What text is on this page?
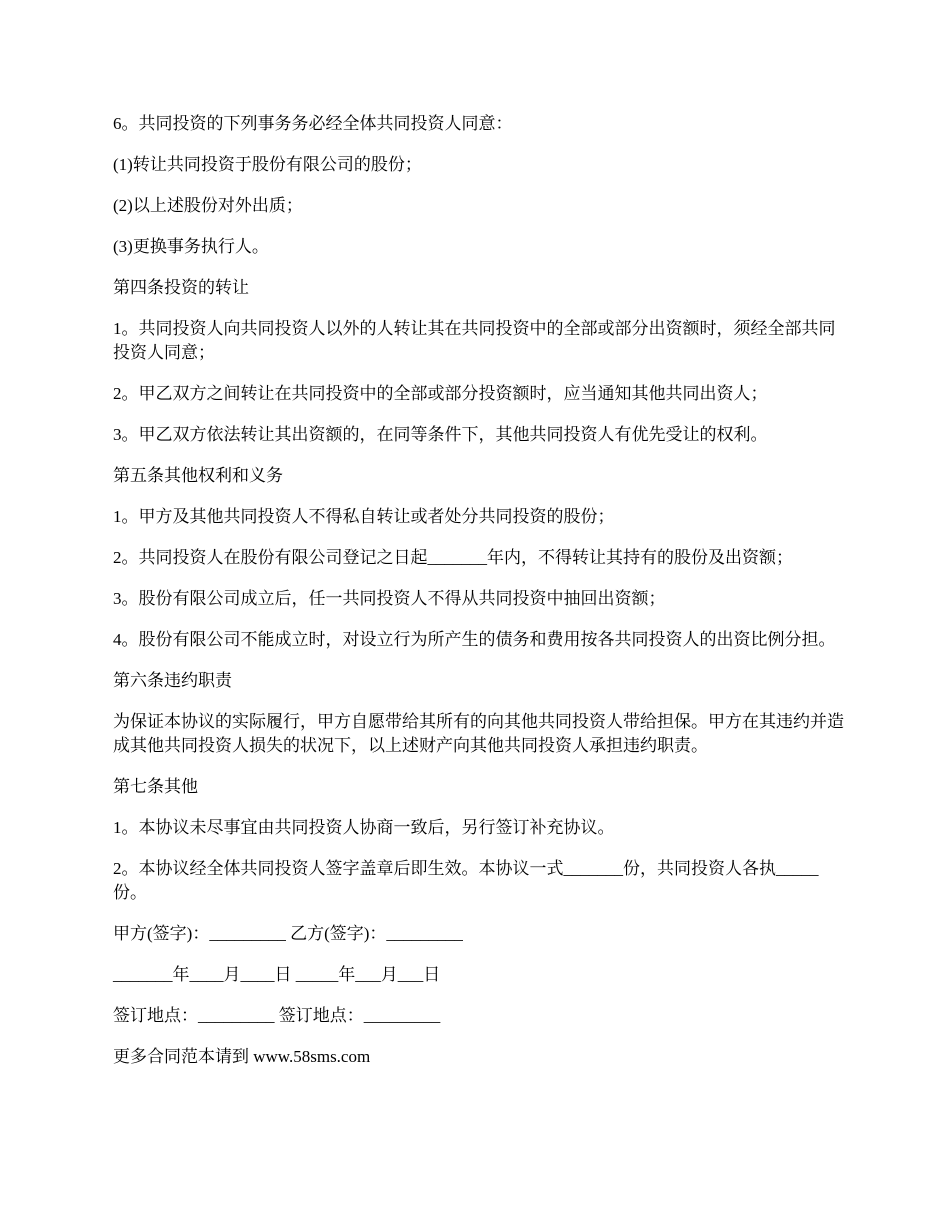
6。共同投资的下列事务务必经全体共同投资人同意：

(1)转让共同投资于股份有限公司的股份；

(2)以上述股份对外出质；

(3)更换事务执行人。

第四条投资的转让

1。共同投资人向共同投资人以外的人转让其在共同投资中的全部或部分出资额时，须经全部共同投资人同意；

2。甲乙双方之间转让在共同投资中的全部或部分投资额时，应当通知其他共同出资人；

3。甲乙双方依法转让其出资额的，在同等条件下，其他共同投资人有优先受让的权利。

第五条其他权利和义务

1。甲方及其他共同投资人不得私自转让或者处分共同投资的股份；

2。共同投资人在股份有限公司登记之日起_______年内，不得转让其持有的股份及出资额；

3。股份有限公司成立后，任一共同投资人不得从共同投资中抽回出资额；

4。股份有限公司不能成立时，对设立行为所产生的债务和费用按各共同投资人的出资比例分担。

第六条违约职责

为保证本协议的实际履行，甲方自愿带给其所有的向其他共同投资人带给担保。甲方在其违约并造成其他共同投资人损失的状况下，以上述财产向其他共同投资人承担违约职责。

第七条其他

1。本协议未尽事宜由共同投资人协商一致后，另行签订补充协议。

2。本协议经全体共同投资人签字盖章后即生效。本协议一式_______份，共同投资人各执_____份。

甲方(签字)：_________ 乙方(签字)：_________

_______年____月____日 _____年___月___日

签订地点：_________ 签订地点：_________

更多合同范本请到 www.58sms.com
